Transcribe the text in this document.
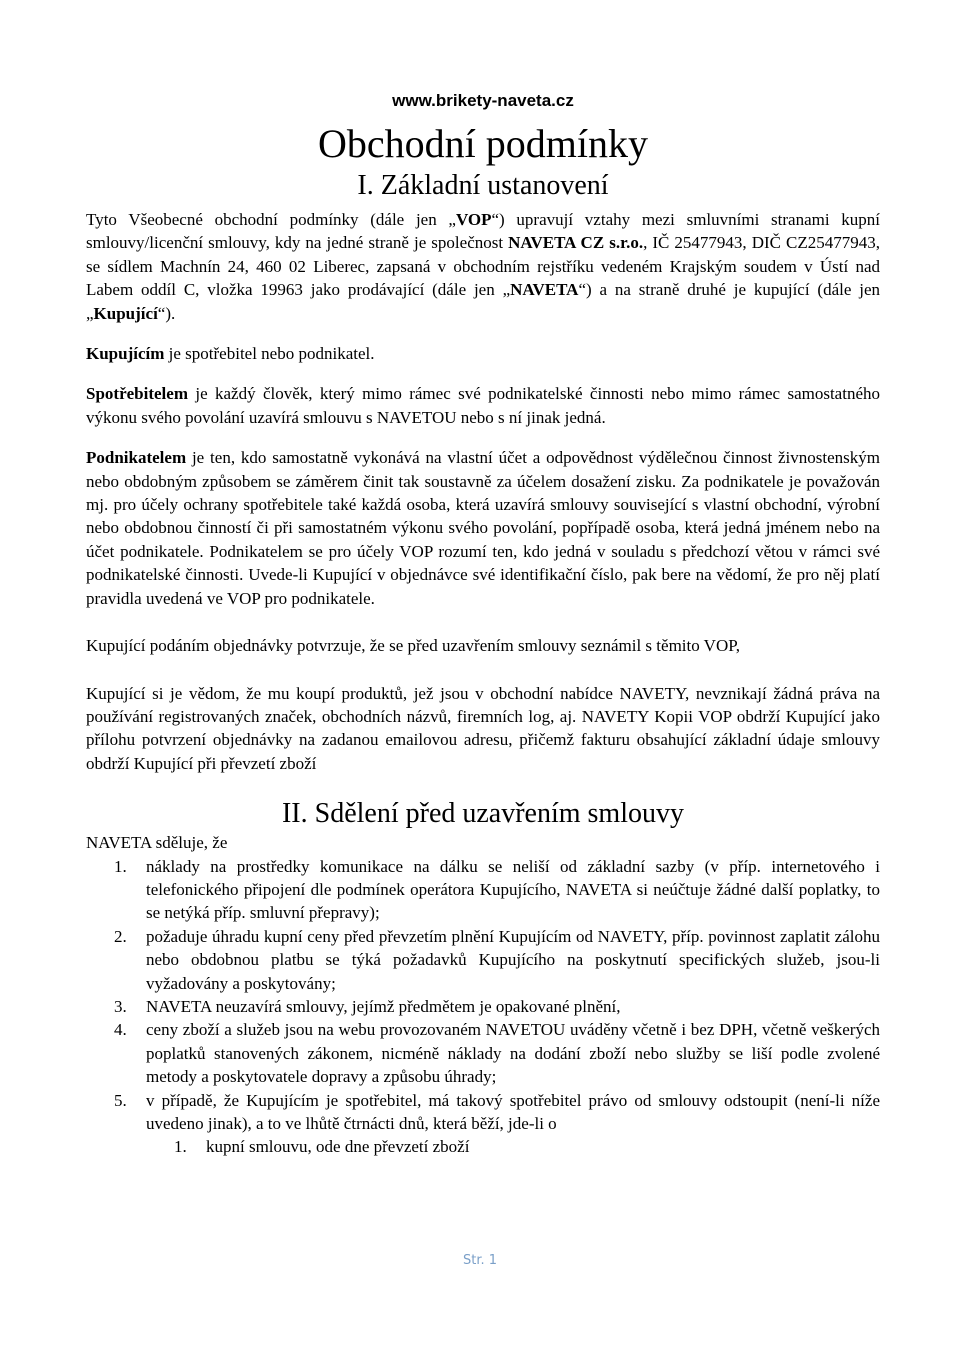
www.brikety-naveta.cz
Obchodní podmínky
I. Základní ustanovení

Tyto Všeobecné obchodní podmínky (dále jen „VOP“) upravují vztahy mezi smluvními stranami kupní smlouvy/licenční smlouvy, kdy na jedné straně je společnost NAVETA CZ s.r.o., IČ 25477943, DIČ CZ25477943, se sídlem Machnín 24, 460 02 Liberec, zapsaná v obchodním rejstříku vedeném Krajským soudem v Ústí nad Labem oddíl C, vložka 19963 jako prodávající (dále jen „NAVETA“) a na straně druhé je kupující (dále jen „Kupující“).

Kupujícím je spotřebitel nebo podnikatel.

Spotřebitelem je každý člověk, který mimo rámec své podnikatelské činnosti nebo mimo rámec samostatného výkonu svého povolání uzavírá smlouvu s NAVETOU nebo s ní jinak jedná.

Podnikatelem je ten, kdo samostatně vykonává na vlastní účet a odpovědnost výdělečnou činnost živnostenským nebo obdobným způsobem se záměrem činit tak soustavně za účelem dosažení zisku. Za podnikatele je považován mj. pro účely ochrany spotřebitele také každá osoba, která uzavírá smlouvy související s vlastní obchodní, výrobní nebo obdobnou činností či při samostatném výkonu svého povolání, popřípadě osoba, která jedná jménem nebo na účet podnikatele. Podnikatelem se pro účely VOP rozumí ten, kdo jedná v souladu s předchozí větou v rámci své podnikatelské činnosti. Uvede-li Kupující v objednávce své identifikační číslo, pak bere na vědomí, že pro něj platí pravidla uvedená ve VOP pro podnikatele.

Kupující podáním objednávky potvrzuje, že se před uzavřením smlouvy seznámil s těmito VOP,

Kupující si je vědom, že mu koupí produktů, jež jsou v obchodní nabídce NAVETY, nevznikají žádná práva na používání registrovaných značek, obchodních názvů, firemních log, aj. NAVETY Kopii VOP obdrží Kupující jako přílohu potvrzení objednávky na zadanou emailovou adresu, přičemž fakturu obsahující základní údaje smlouvy obdrží Kupující při převzetí zboží

II. Sdělení před uzavřením smlouvy

NAVETA sděluje, že

1. náklady na prostředky komunikace na dálku se neliší od základní sazby (v příp. internetového i telefonického připojení dle podmínek operátora Kupujícího, NAVETA si neúčtuje žádné další poplatky, to se netýká příp. smluvní přepravy);
2. požaduje úhradu kupní ceny před převzetím plnění Kupujícím od NAVETY, příp. povinnost zaplatit zálohu nebo obdobnou platbu se týká požadavků Kupujícího na poskytnutí specifických služeb, jsou-li vyžadovány a poskytovány;
3. NAVETA neuzavírá smlouvy, jejímž předmětem je opakované plnění,
4. ceny zboží a služeb jsou na webu provozovaném NAVETOU uváděny včetně i bez DPH, včetně veškerých poplatků stanovených zákonem, nicméně náklady na dodání zboží nebo služby se liší podle zvolené metody a poskytovatele dopravy a způsobu úhrady;
5. v případě, že Kupujícím je spotřebitel, má takový spotřebitel právo od smlouvy odstoupit (není-li níže uvedeno jinak), a to ve lhůtě čtrnácti dnů, která běží, jde-li o
1. kupní smlouvu, ode dne převzetí zboží
Str. 1
